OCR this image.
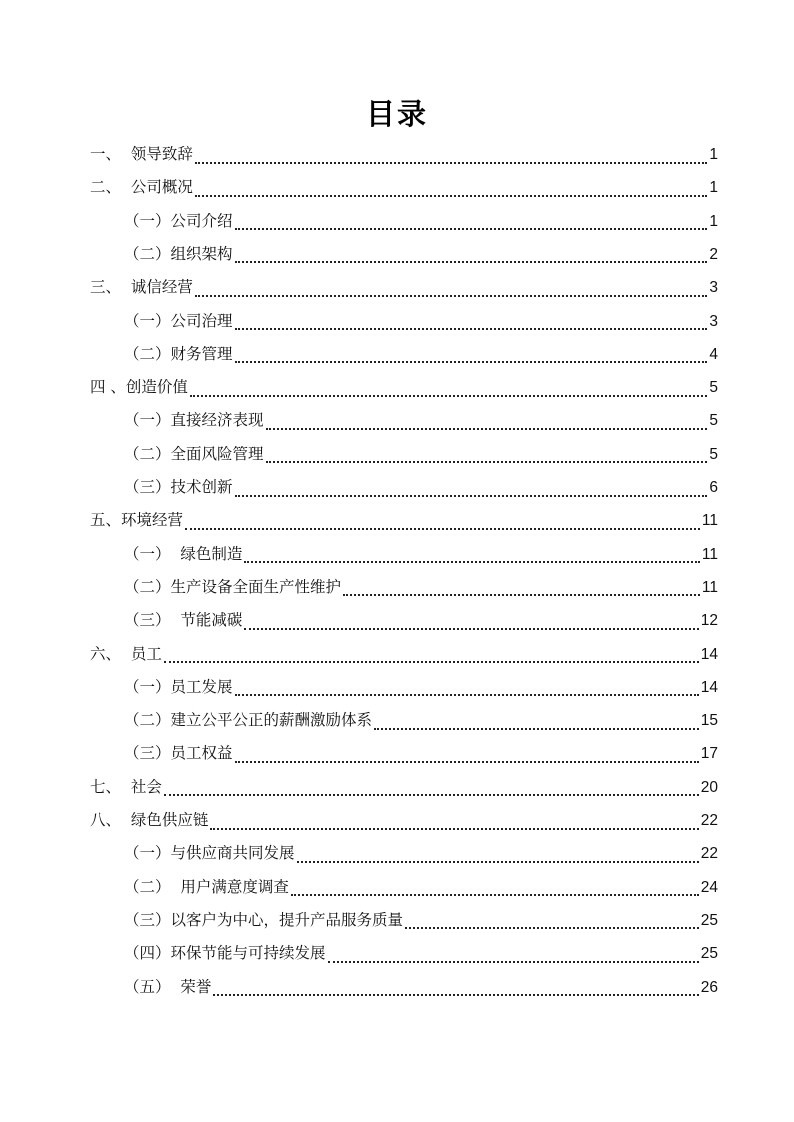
目录
一、  领导致辞	1
二、  公司概况	1
（一）公司介绍	1
（二）组织架构	2
三、  诚信经营	3
（一）公司治理	3
（二）财务管理	4
四 、创造价值	5
（一）直接经济表现	5
（二）全面风险管理	5
（三）技术创新	6
五、环境经营	11
（一）  绿色制造	11
（二）生产设备全面生产性维护	11
（三）  节能减碳	12
六、  员工	14
（一）员工发展	14
（二）建立公平公正的薪酬激励体系	15
（三）员工权益	17
七、  社会	20
八、  绿色供应链	22
（一）与供应商共同发展	22
（二）  用户满意度调查	24
（三）以客户为中心，提升产品服务质量	25
（四）环保节能与可持续发展	25
（五）  荣誉	26
